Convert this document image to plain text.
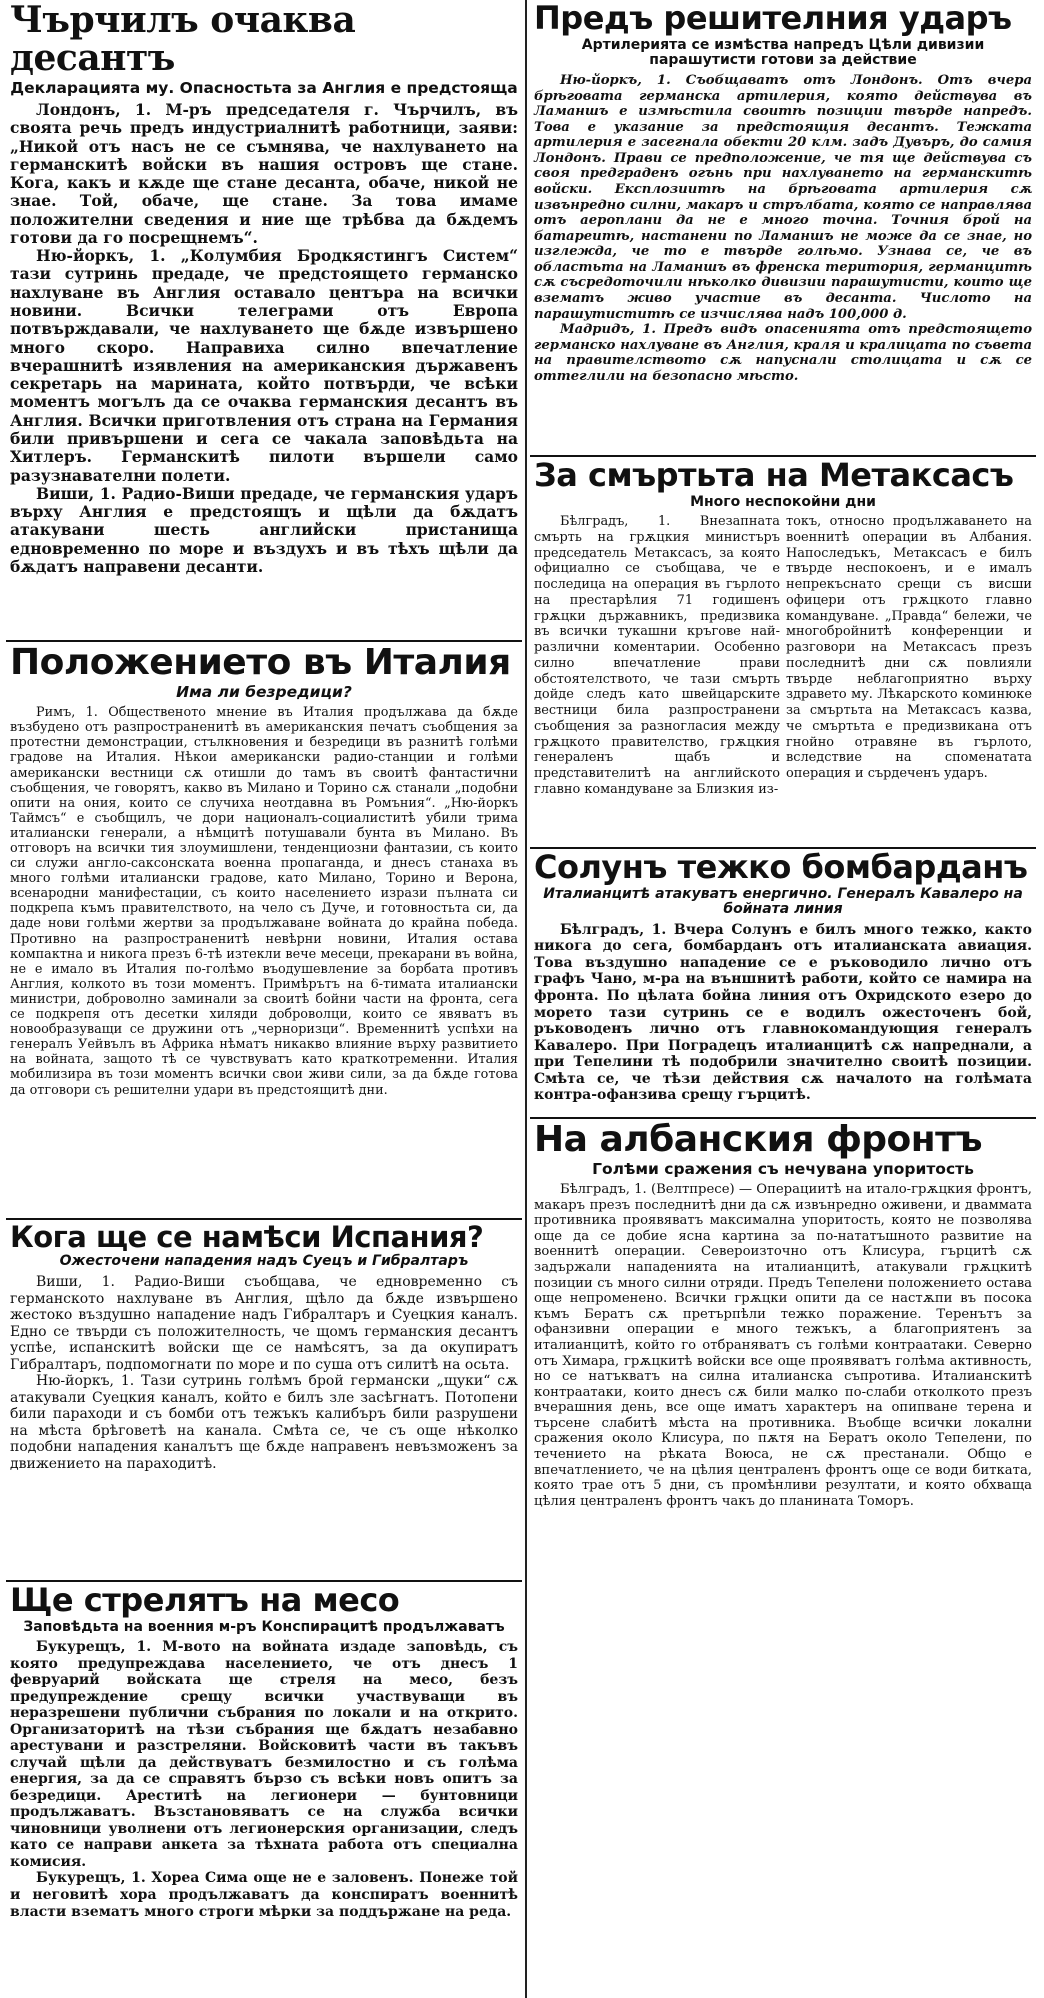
Чърчилъ очаква десантъ
Декларацията му. Опасностьта за Англия е предстояща

Лондонъ, 1. М-ръ председателя г. Чърчилъ, въ своята речь предъ индустриалнитѣ работници, заяви: „Никой отъ насъ не се съмнява, че нахлуването на германскитѣ войски въ нашия островъ ще стане. Кога, какъ и кѫде ще стане десанта, обаче, никой не знае. Той, обаче, ще стане. За това имаме положителни сведения и ние ще трѣбва да бѫдемъ готови да го посрещнемъ“.

Ню-йоркъ, 1. „Колумбия Бродкястингъ Систем“ тази сутринь предаде, че предстоящето германско нахлуване въ Англия оставало центъра на всички новини. Всички телеграми отъ Европа потвърждавали, че нахлуването ще бѫде извършено много скоро. Направиха силно впечатление вчерашнитѣ изявления на американския държавенъ секретарь на марината, който потвърди, че всѣки моментъ могълъ да се очаква германския десантъ въ Англия. Всички приготвления отъ страна на Германия били привършени и сега се чакала заповѣдьта на Хитлеръ. Германскитѣ пилоти вършели само разузнавателни полети.

Виши, 1. Радио-Виши предаде, че германския ударъ върху Англия е предстоящъ и щѣли да бѫдатъ атакувани шесть английски пристанища едновременно по море и въздухъ и въ тѣхъ щѣли да бѫдатъ направени десанти.

Положението въ Италия
Има ли безредици?

Римъ, 1. Общественото мнение въ Италия продължава да бѫде възбудено отъ разпространенитѣ въ американския печатъ съобщения за протестни демонстрации, стълкновения и безредици въ разнитѣ голѣми градове на Италия. Нѣкои американски радио-станции и голѣми американски вестници сѫ отишли до тамъ въ своитѣ фантастични съобщения, че говорятъ, какво въ Милано и Торино сѫ станали „подобни опити на ония, които се случиха неотдавна въ Ромъния“. „Ню-йоркъ Таймсъ“ е съобщилъ, че дори националъ-социалиститѣ убили трима италиански генерали, а нѣмцитѣ потушавали бунта въ Милано. Въ отговоръ на всички тия злоумишлени, тенденциозни фантазии, съ които си служи англо-саксонската военна пропаганда, и днесъ станаха въ много голѣми италиански градове, като Милано, Торино и Верона, всенародни манифестации, съ които населението изрази пълната си подкрепа къмъ правителството, на чело съ Дуче, и готовностьта си, да даде нови голѣми жертви за продължаване войната до крайна победа. Противно на разпространенитѣ невѣрни новини, Италия остава компактна и никога презъ 6-тѣ изтекли вече месеци, прекарани въ война, не е имало въ Италия по-голѣмо въодушевление за борбата противъ Англия, колкото въ този моментъ. Примѣрътъ на 6-тимата италиански министри, доброволно заминали за своитѣ бойни части на фронта, сега се подкрепя отъ десетки хиляди доброволци, които се явяватъ въ новообразуващи се дружини отъ „черноризци“. Временнитѣ успѣхи на генералъ Уейвълъ въ Африка нѣматъ никакво влияние върху развитието на войната, защото тѣ се чувствуватъ като краткотременни. Италия мобилизира въ този моментъ всички свои живи сили, за да бѫде готова да отговори съ решителни удари въ предстоящитѣ дни.

Кога ще се намѣси Испания?
Ожесточени нападения надъ Суецъ и Гибралтаръ

Виши, 1. Радио-Виши съобщава, че едновременно съ германското нахлуване въ Англия, щѣло да бѫде извършено жестоко въздушно нападение надъ Гибралтаръ и Суецкия каналъ. Едно се твърди съ положителность, че щомъ германския десантъ успѣе, испанскитѣ войски ще се намѣсятъ, за да окупиратъ Гибралтаръ, подпомогнати по море и по суша отъ силитѣ на осьта.

Ню-йоркъ, 1. Тази сутринь голѣмъ брой германски „щуки“ сѫ атакували Суецкия каналъ, който е билъ зле засѣгнатъ. Потопени били параходи и съ бомби отъ тежъкъ калибъръ били разрушени на мѣста брѣговетѣ на канала. Смѣта се, че съ още нѣколко подобни нападения каналътъ ще бѫде направенъ невъзможенъ за движението на параходитѣ.

Ще стрелятъ на месо
Заповѣдьта на военния м-ръ Конспирацитѣ продължаватъ

Букурещъ, 1. М-вото на войната издаде заповѣдь, съ която предупреждава населението, че отъ днесъ 1 февруарий войската ще стреля на месо, безъ предупреждение срещу всички участвуващи въ неразрешени публични събрания по локали и на открито. Организаторитѣ на тѣзи събрания ще бѫдатъ незабавно арестувани и разстреляни. Войсковитѣ части въ такъвъ случай щѣли да действуватъ безмилостно и съ голѣма енергия, за да се справятъ бързо съ всѣки новъ опитъ за безредици. Ареститѣ на легионери — бунтовници продължаватъ. Възстановяватъ се на служба всички чиновници уволнени отъ легионерския организации, следъ като се направи анкета за тѣхната работа отъ специална комисия.

Букурещъ, 1. Хореа Сима още не е заловенъ. Понеже той и неговитѣ хора продължаватъ да конспиратъ военнитѣ власти взематъ много строги мѣрки за поддържане на реда.

Предъ решителния ударъ
Артилерията се измѣства напредъ Цѣли дивизии парашутисти готови за действие

Ню-йоркъ, 1. Съобщаватъ отъ Лондонъ. Отъ вчера брѣговата германска артилерия, която действува въ Ламаншъ е измѣстила своитѣ позиции твърде напредъ. Това е указание за предстоящия десантъ. Тежката артилерия е засегнала обекти 20 клм. задъ Дувъръ, до самия Лондонъ. Прави се предположение, че тя ще действува съ своя предграденъ огънь при нахлуването на германскитѣ войски. Експлозиитѣ на брѣговата артилерия сѫ извънредно силни, макаръ и стрълбата, която се направлява отъ аероплани да не е много точна. Точния брой на батареитѣ, настанени по Ламаншъ не може да се знае, но изглежда, че то е твърде голѣмо. Узнава се, че въ областьта на Ламаншъ въ френска територия, германцитѣ сѫ съсредоточили нѣколко дивизии парашутисти, които ще взематъ живо участие въ десанта. Числото на парашутиститѣ се изчислява надъ 100,000 д.

Мадридъ, 1. Предъ видъ опасенията отъ предстоящето германско нахлуване въ Англия, краля и кралицата по съвета на правителството сѫ напуснали столицата и сѫ се оттеглили на безопасно мѣсто.

За смъртьта на Метаксасъ
Много неспокойни дни

Бѣлградъ, 1. Внезапната смърть на грѫцкия министъръ председатель Метаксасъ, за която официално се съобщава, че е последица на операция въ гърлото на престарѣлия 71 годишенъ грѫцки държавникъ, предизвика въ всички тукашни кръгове най-различни коментарии. Особенно силно впечатление прави обстоятелството, че тази смърть дойде следъ като швейцарските вестници била разпространени съобщения за разногласия между грѫцкото правителство, грѫцкия генераленъ щабъ и представителитѣ на английското главно командуване за Близкия из-

токъ, относно продължаването на военнитѣ операции въ Албания. Напоследъкъ, Метаксасъ е билъ твърде неспокоенъ, и е ималъ непрекъснато срещи съ висши офицери отъ грѫцкото главно командуване. „Правда“ бележи, че многобройнитѣ конференции и разговори на Метаксасъ презъ последнитѣ дни сѫ повлияли твърде неблагоприятно върху здравето му. Лѣкарското коминюке за смъртьта на Метаксасъ казва, че смъртьта е предизвикана отъ гнойно отравяне въ гърлото, вследствие на споменатата операция и сърдеченъ ударъ.

Солунъ тежко бомбарданъ
Италианцитѣ атакуватъ енергично. Генералъ Кавалеро на бойната линия

Бѣлградъ, 1. Вчера Солунъ е билъ много тежко, както никога до сега, бомбарданъ отъ италианската авиация. Това въздушно нападение се е ръководило лично отъ графъ Чано, м-ра на външнитѣ работи, който се намира на фронта. По цѣлата бойна линия отъ Охридското езеро до морето тази сутринь се е водилъ ожесточенъ бой, ръководенъ лично отъ главнокомандующия генералъ Кавалеро. При Поградецъ италианцитѣ сѫ напреднали, а при Тепелини тѣ подобрили значително своитѣ позиции. Смѣта се, че тѣзи действия сѫ началото на голѣмата контра-офанзива срещу гърцитѣ.

На албанския фронтъ
Голѣми сражения съ нечувана упоритость

Бѣлградъ, 1. (Велтпресе) — Операциитѣ на итало-грѫцкия фронтъ, макаръ презъ последнитѣ дни да сѫ извънредно оживени, и дваммата противника проявяватъ максимална упоритость, която не позволява още да се добие ясна картина за по-нататъшното развитие на военнитѣ операции. Североизточно отъ Клисура, гърцитѣ сѫ задържали нападенията на италианцитѣ, атакували грѫцкитѣ позиции съ много силни отряди. Предъ Тепелени положението остава още непроменено. Всички грѫцки опити да се настѫпи въ посока къмъ Бератъ сѫ претърпѣли тежко поражение. Теренътъ за офанзивни операции е много тежъкъ, а благоприятенъ за италианцитѣ, който го отбраняватъ съ голѣми контраатаки. Северно отъ Химара, грѫцкитѣ войски все още проявяватъ голѣма активность, но се натъкватъ на силна италианска съпротива. Италианскитѣ контраатаки, които днесъ сѫ били малко по-слаби отколкото презъ вчерашния день, все още иматъ характеръ на опипване терена и търсене слабитѣ мѣста на противника. Въобще всички локални сражения около Клисура, по пѫтя на Бератъ около Тепелени, по течението на рѣката Воюса, не сѫ престанали. Общо е впечатлението, че на цѣлия централенъ фронтъ още се води битката, която трае отъ 5 дни, съ промѣнливи резултати, и която обхваща цѣлия централенъ фронтъ чакъ до планината Томоръ.
